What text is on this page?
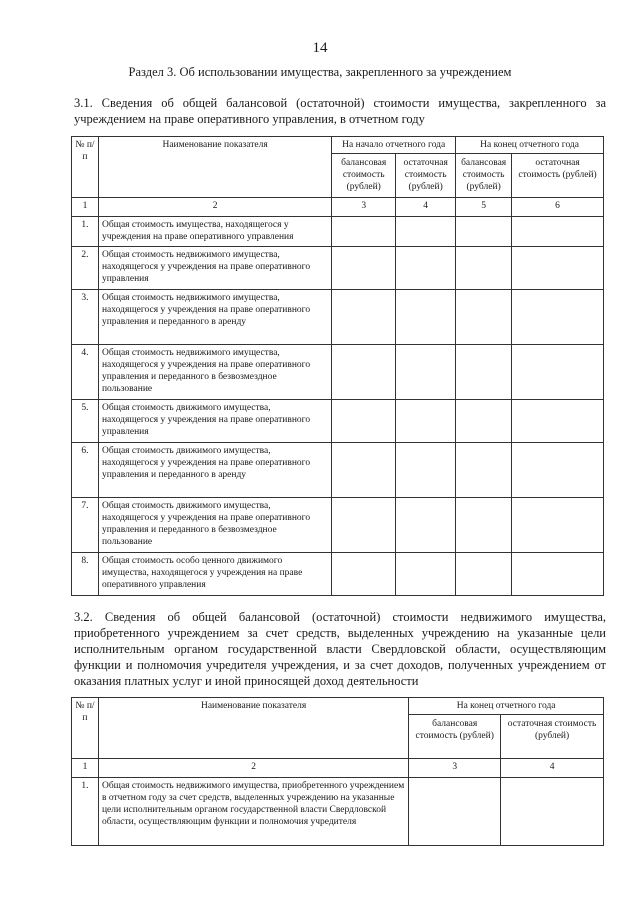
14
Раздел 3. Об использовании имущества, закрепленного за учреждением
3.1. Сведения об общей балансовой (остаточной) стоимости имущества, закрепленного за учреждением на праве оперативного управления, в отчетном году
№ п/п	Наименование показателя	На начало отчетного года		На конец отчетного года	
		балансовая стоимость (рублей)	остаточная стоимость (рублей)	балансовая стоимость (рублей)	остаточная стоимость (рублей)
1	2	3	4	5	6
1.	Общая стоимость имущества, находящегося у учреждения на праве оперативного управления				
2.	Общая стоимость недвижимого имущества, находящегося у учреждения на праве оперативного управления				
3.	Общая стоимость недвижимого имущества, находящегося у учреждения на праве оперативного управления и переданного в аренду				
4.	Общая стоимость недвижимого имущества, находящегося у учреждения на праве оперативного управления и переданного в безвозмездное пользование				
5.	Общая стоимость движимого имущества, находящегося у учреждения на праве оперативного управления				
6.	Общая стоимость движимого имущества, находящегося у учреждения на праве оперативного управления и переданного в аренду				
7.	Общая стоимость движимого имущества, находящегося у учреждения на праве оперативного управления и переданного в безвозмездное пользование				
8.	Общая стоимость особо ценного движимого имущества, находящегося у учреждения на праве оперативного управления				
3.2. Сведения об общей балансовой (остаточной) стоимости недвижимого имущества, приобретенного учреждением за счет средств, выделенных учреждению на указанные цели исполнительным органом государственной власти Свердловской области, осуществляющим функции и полномочия учредителя учреждения, и за счет доходов, полученных учреждением от оказания платных услуг и иной приносящей доход деятельности
№ п/п	Наименование показателя	На конец отчетного года	
		балансовая стоимость (рублей)	остаточная стоимость (рублей)
1	2	3	4
1.	Общая стоимость недвижимого имущества, приобретенного учреждением в отчетном году за счет средств, выделенных учреждению на указанные цели исполнительным органом государственной власти Свердловской области, осуществляющим функции и полномочия учредителя		
